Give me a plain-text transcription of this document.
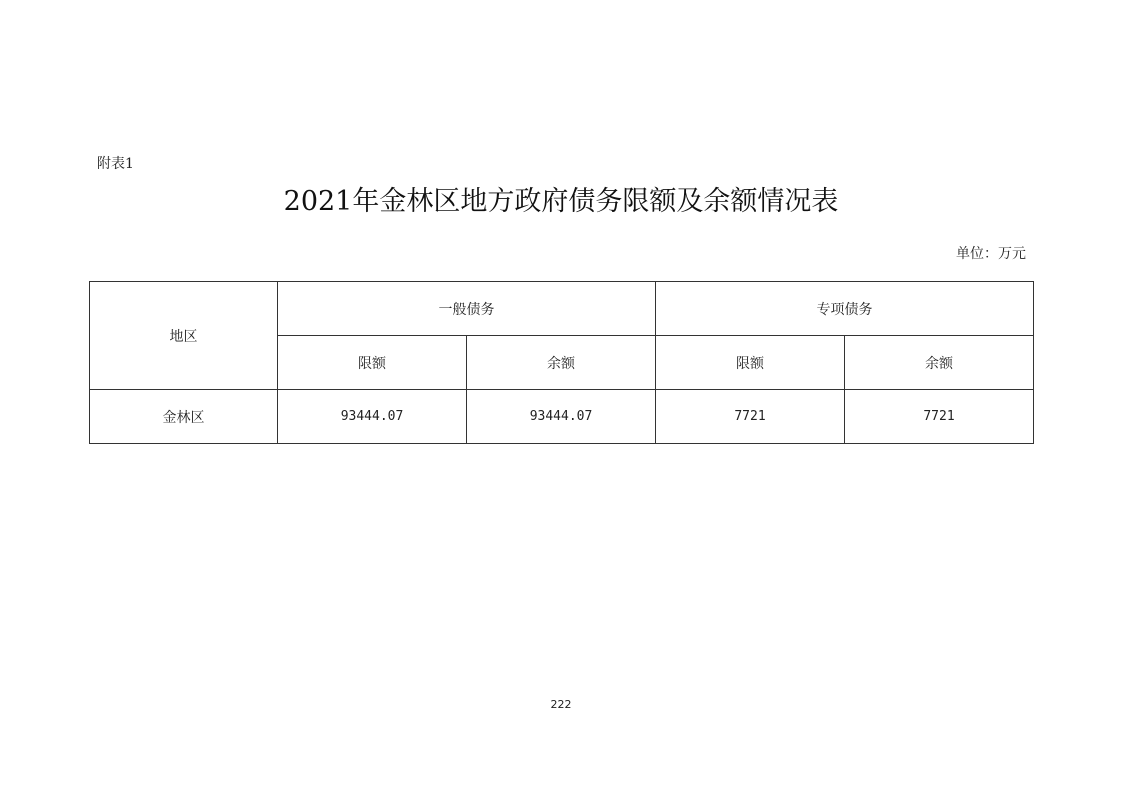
附表1
2021年金林区地方政府债务限额及余额情况表
单位：万元
地区	一般债务		专项债务	
	限额	余额	限额	余额
金林区	93444.07	93444.07	7721	7721
222
